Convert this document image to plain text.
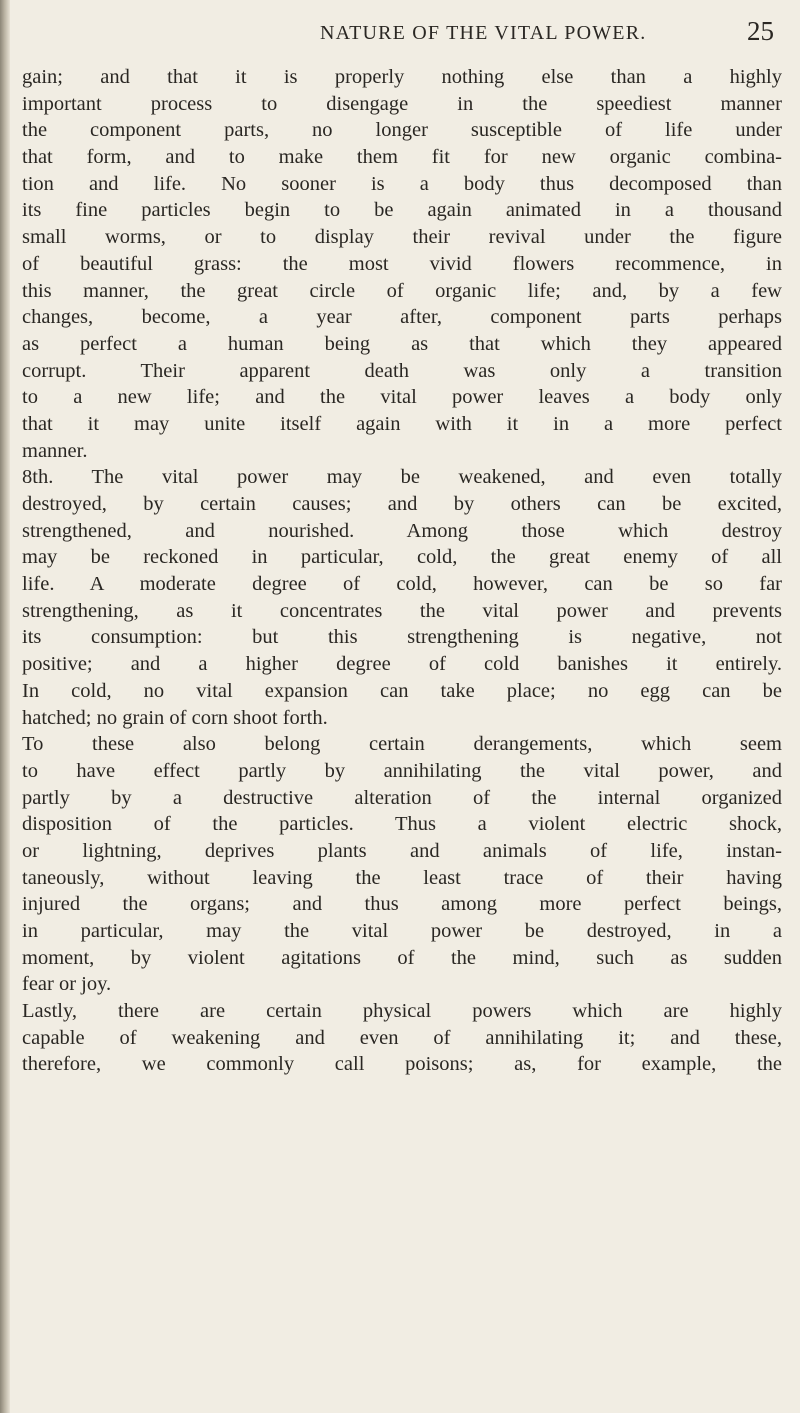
NATURE OF THE VITAL POWER.	25
gain; and that it is properly nothing else than a highly
important process to disengage in the speediest manner
the component parts, no longer susceptible of life under
that form, and to make them fit for new organic combina-
tion and life. No sooner is a body thus decomposed than
its fine particles begin to be again animated in a thousand
small worms, or to display their revival under the figure
of beautiful grass: the most vivid flowers recommence, in
this manner, the great circle of organic life; and, by a few
changes, become, a year after, component parts perhaps
as perfect a human being as that which they appeared
corrupt. Their apparent death was only a transition
to a new life; and the vital power leaves a body only
that it may unite itself again with it in a more perfect
manner.
8th. The vital power may be weakened, and even totally
destroyed, by certain causes; and by others can be excited,
strengthened, and nourished. Among those which destroy
may be reckoned in particular, cold, the great enemy of all
life. A moderate degree of cold, however, can be so far
strengthening, as it concentrates the vital power and prevents
its consumption: but this strengthening is negative, not
positive; and a higher degree of cold banishes it entirely.
In cold, no vital expansion can take place; no egg can be
hatched; no grain of corn shoot forth.
To these also belong certain derangements, which seem
to have effect partly by annihilating the vital power, and
partly by a destructive alteration of the internal organized
disposition of the particles. Thus a violent electric shock,
or lightning, deprives plants and animals of life, instan-
taneously, without leaving the least trace of their having
injured the organs; and thus among more perfect beings,
in particular, may the vital power be destroyed, in a
moment, by violent agitations of the mind, such as sudden
fear or joy.
Lastly, there are certain physical powers which are highly
capable of weakening and even of annihilating it; and these,
therefore, we commonly call poisons; as, for example, the
